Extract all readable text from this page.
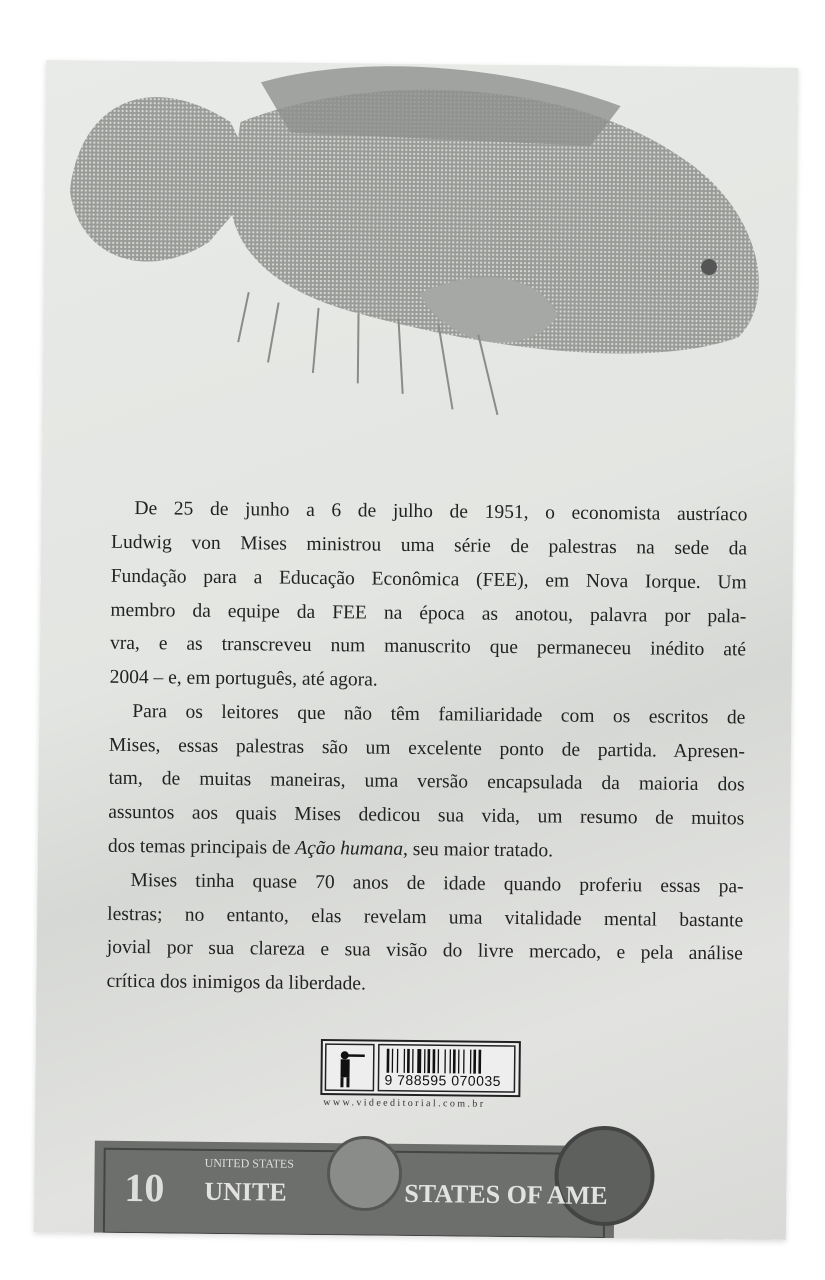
De 25 de junho a 6 de julho de 1951, o economista austríaco
Ludwig von Mises ministrou uma série de palestras na sede da
Fundação para a Educação Econômica (FEE), em Nova Iorque. Um
membro da equipe da FEE na época as anotou, palavra por pala-
vra, e as transcreveu num manuscrito que permaneceu inédito até
2004 – e, em português, até agora.
Para os leitores que não têm familiaridade com os escritos de
Mises, essas palestras são um excelente ponto de partida. Apresen-
tam, de muitas maneiras, uma versão encapsulada da maioria dos
assuntos aos quais Mises dedicou sua vida, um resumo de muitos
dos temas principais de Ação humana, seu maior tratado.
Mises tinha quase 70 anos de idade quando proferiu essas pa-
lestras; no entanto, elas revelam uma vitalidade mental bastante
jovial por sua clareza e sua visão do livre mercado, e pela análise
crítica dos inimigos da liberdade.
9 788595 070035
www.videeditorial.com.br
10
UNITED STATES
UNITE	STATES OF AME
